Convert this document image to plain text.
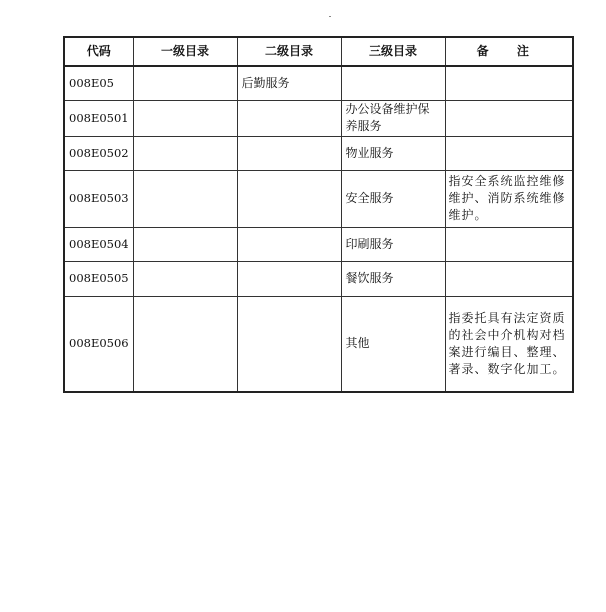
代码	一级目录	二级目录	三级目录	备 注
008E05		后勤服务		
008E0501			办公设备维护保养服务	
008E0502			物业服务	
008E0503			安全服务	指安全系统监控维修维护、消防系统维修维护。
008E0504			印刷服务	
008E0505			餐饮服务	
008E0506			其他	指委托具有法定资质的社会中介机构对档案进行编目、整理、著录、数字化加工。
